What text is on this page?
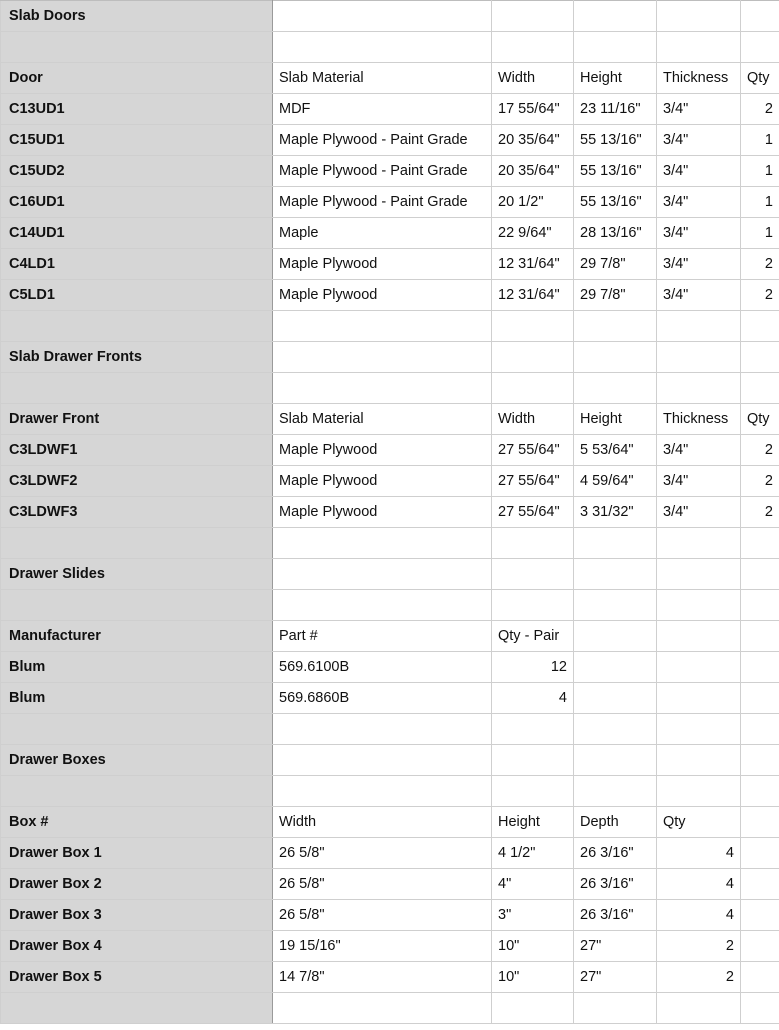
Slab Doors					

Door	Slab Material	Width	Height	Thickness	Qty
C13UD1	MDF	17 55/64"	23 11/16"	3/4"	2
C15UD1	Maple Plywood - Paint Grade	20 35/64"	55 13/16"	3/4"	1
C15UD2	Maple Plywood - Paint Grade	20 35/64"	55 13/16"	3/4"	1
C16UD1	Maple Plywood - Paint Grade	20 1/2"	55 13/16"	3/4"	1
C14UD1	Maple	22 9/64"	28 13/16"	3/4"	1
C4LD1	Maple Plywood	12 31/64"	29 7/8"	3/4"	2
C5LD1	Maple Plywood	12 31/64"	29 7/8"	3/4"	2

Slab Drawer Fronts					

Drawer Front	Slab Material	Width	Height	Thickness	Qty
C3LDWF1	Maple Plywood	27 55/64"	5 53/64"	3/4"	2
C3LDWF2	Maple Plywood	27 55/64"	4 59/64"	3/4"	2
C3LDWF3	Maple Plywood	27 55/64"	3 31/32"	3/4"	2

Drawer Slides					

Manufacturer	Part #	Qty - Pair			
Blum	569.6100B	12			
Blum	569.6860B	4			

Drawer Boxes					

Box #	Width	Height	Depth	Qty	
Drawer Box 1	26 5/8"	4 1/2"	26 3/16"	4	
Drawer Box 2	26 5/8"	4"	26 3/16"	4	
Drawer Box 3	26 5/8"	3"	26 3/16"	4	
Drawer Box 4	19 15/16"	10"	27"	2	
Drawer Box 5	14 7/8"	10"	27"	2	
